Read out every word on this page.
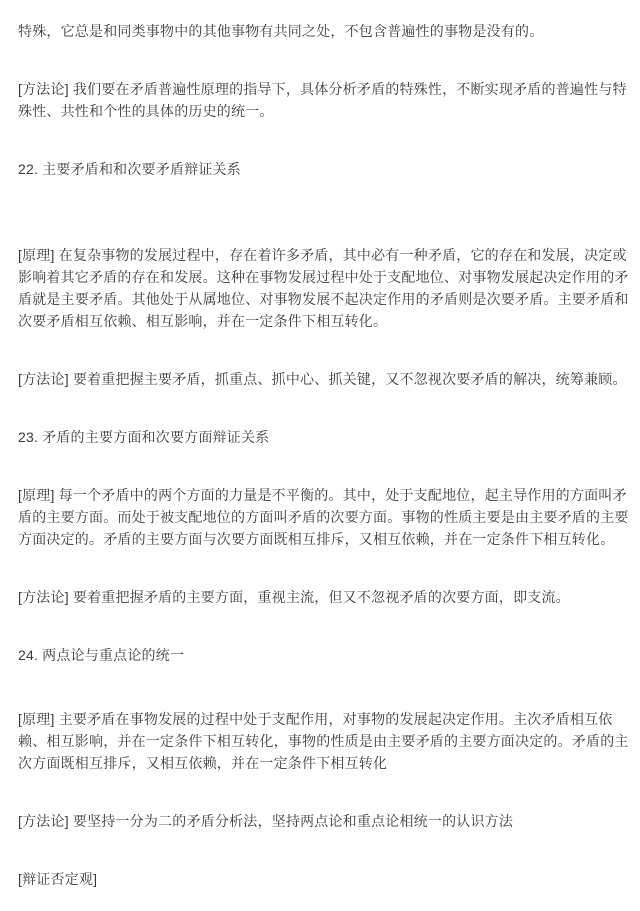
特殊，它总是和同类事物中的其他事物有共同之处，不包含普遍性的事物是没有的。
[方法论] 我们要在矛盾普遍性原理的指导下，具体分析矛盾的特殊性，不断实现矛盾的普遍性与特殊性、共性和个性的具体的历史的统一。
22. 主要矛盾和和次要矛盾辩证关系
[原理] 在复杂事物的发展过程中，存在着许多矛盾，其中必有一种矛盾，它的存在和发展，决定或影响着其它矛盾的存在和发展。这种在事物发展过程中处于支配地位、对事物发展起决定作用的矛盾就是主要矛盾。其他处于从属地位、对事物发展不起决定作用的矛盾则是次要矛盾。主要矛盾和次要矛盾相互依赖、相互影响，并在一定条件下相互转化。
[方法论] 要着重把握主要矛盾，抓重点、抓中心、抓关键，又不忽视次要矛盾的解决，统筹兼顾。
23. 矛盾的主要方面和次要方面辩证关系
[原理] 每一个矛盾中的两个方面的力量是不平衡的。其中，处于支配地位，起主导作用的方面叫矛盾的主要方面。而处于被支配地位的方面叫矛盾的次要方面。事物的性质主要是由主要矛盾的主要方面决定的。矛盾的主要方面与次要方面既相互排斥，又相互依赖，并在一定条件下相互转化。
[方法论] 要着重把握矛盾的主要方面，重视主流，但又不忽视矛盾的次要方面，即支流。
24. 两点论与重点论的统一
[原理] 主要矛盾在事物发展的过程中处于支配作用，对事物的发展起决定作用。主次矛盾相互依赖、相互影响，并在一定条件下相互转化，事物的性质是由主要矛盾的主要方面决定的。矛盾的主次方面既相互排斥，又相互依赖，并在一定条件下相互转化
[方法论] 要坚持一分为二的矛盾分析法，坚持两点论和重点论相统一的认识方法
[辩证否定观]
